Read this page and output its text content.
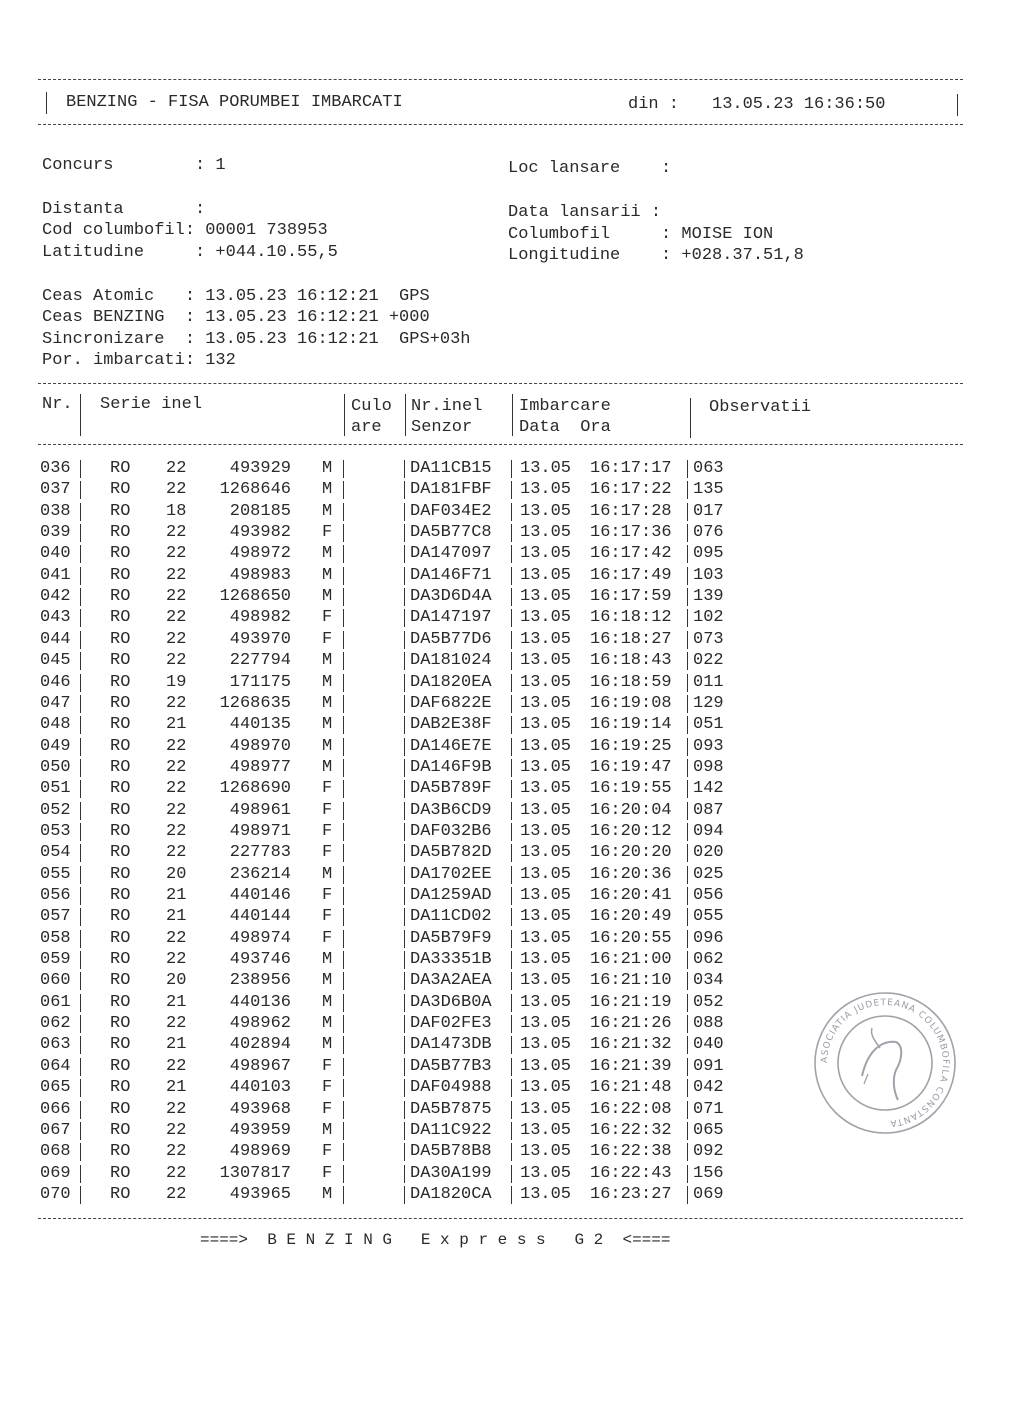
BENZING - FISA PORUMBEI IMBARCATI	din : 13.05.23 16:36:50
Concurs        : 1	Loc lansare    :
Distanta       :	Data lansarii :
Cod columbofil: 00001 738953	Columbofil     : MOISE ION
Latitudine     : +044.10.55,5	Longitudine    : +028.37.51,8
Ceas Atomic   : 13.05.23 16:12:21  GPS
Ceas BENZING  : 13.05.23 16:12:21 +000
Sincronizare  : 13.05.23 16:12:21  GPS+03h
Por. imbarcati: 132
Nr. Serie inel	Culo
are
Nr.inel
Senzor
Imbarcare
Data  Ora
Observatii
036 RO 22	493929 M	DA11CB15 13.05 16:17:17 063
037 RO 22	1268646 M	DA181FBF 13.05 16:17:22 135
038 RO 18	208185 M	DAF034E2 13.05 16:17:28 017
039 RO 22	493982 F	DA5B77C8 13.05 16:17:36 076
040 RO 22	498972 M	DA147097 13.05 16:17:42 095
041 RO 22	498983 M	DA146F71 13.05 16:17:49 103
042 RO 22	1268650 M	DA3D6D4A 13.05 16:17:59 139
043 RO 22	498982 F	DA147197 13.05 16:18:12 102
044 RO 22	493970 F	DA5B77D6 13.05 16:18:27 073
045 RO 22	227794 M	DA181024 13.05 16:18:43 022
046 RO 19	171175 M	DA1820EA 13.05 16:18:59 011
047 RO 22	1268635 M	DAF6822E 13.05 16:19:08 129
048 RO 21	440135 M	DAB2E38F 13.05 16:19:14 051
049 RO 22	498970 M	DA146E7E 13.05 16:19:25 093
050 RO 22	498977 M	DA146F9B 13.05 16:19:47 098
051 RO 22	1268690 F	DA5B789F 13.05 16:19:55 142
052 RO 22	498961 F	DA3B6CD9 13.05 16:20:04 087
053 RO 22	498971 F	DAF032B6 13.05 16:20:12 094
054 RO 22	227783 F	DA5B782D 13.05 16:20:20 020
055 RO 20	236214 M	DA1702EE 13.05 16:20:36 025
056 RO 21	440146 F	DA1259AD 13.05 16:20:41 056
057 RO 21	440144 F	DA11CD02 13.05 16:20:49 055
058 RO 22	498974 F	DA5B79F9 13.05 16:20:55 096
059 RO 22	493746 M	DA33351B 13.05 16:21:00 062
060 RO 20	238956 M	DA3A2AEA 13.05 16:21:10 034
061 RO 21	440136 M	DA3D6B0A 13.05 16:21:19 052
062 RO 22	498962 M	DAF02FE3 13.05 16:21:26 088
063 RO 21	402894 M	DA1473DB 13.05 16:21:32 040
064 RO 22	498967 F	DA5B77B3 13.05 16:21:39 091
065 RO 21	440103 F	DAF04988 13.05 16:21:48 042
066 RO 22	493968 F	DA5B7875 13.05 16:22:08 071
067 RO 22	493959 M	DA11C922 13.05 16:22:32 065
068 RO 22	498969 F	DA5B78B8 13.05 16:22:38 092
069 RO 22	1307817 F	DA30A199 13.05 16:22:43 156
070 RO 22	493965 M	DA1820CA 13.05 16:23:27 069
====>  B E N Z I N G   E x p r e s s   G 2  <====
ASOCIATIA JUDETEANA COLUMBOFILA CONSTANTA
